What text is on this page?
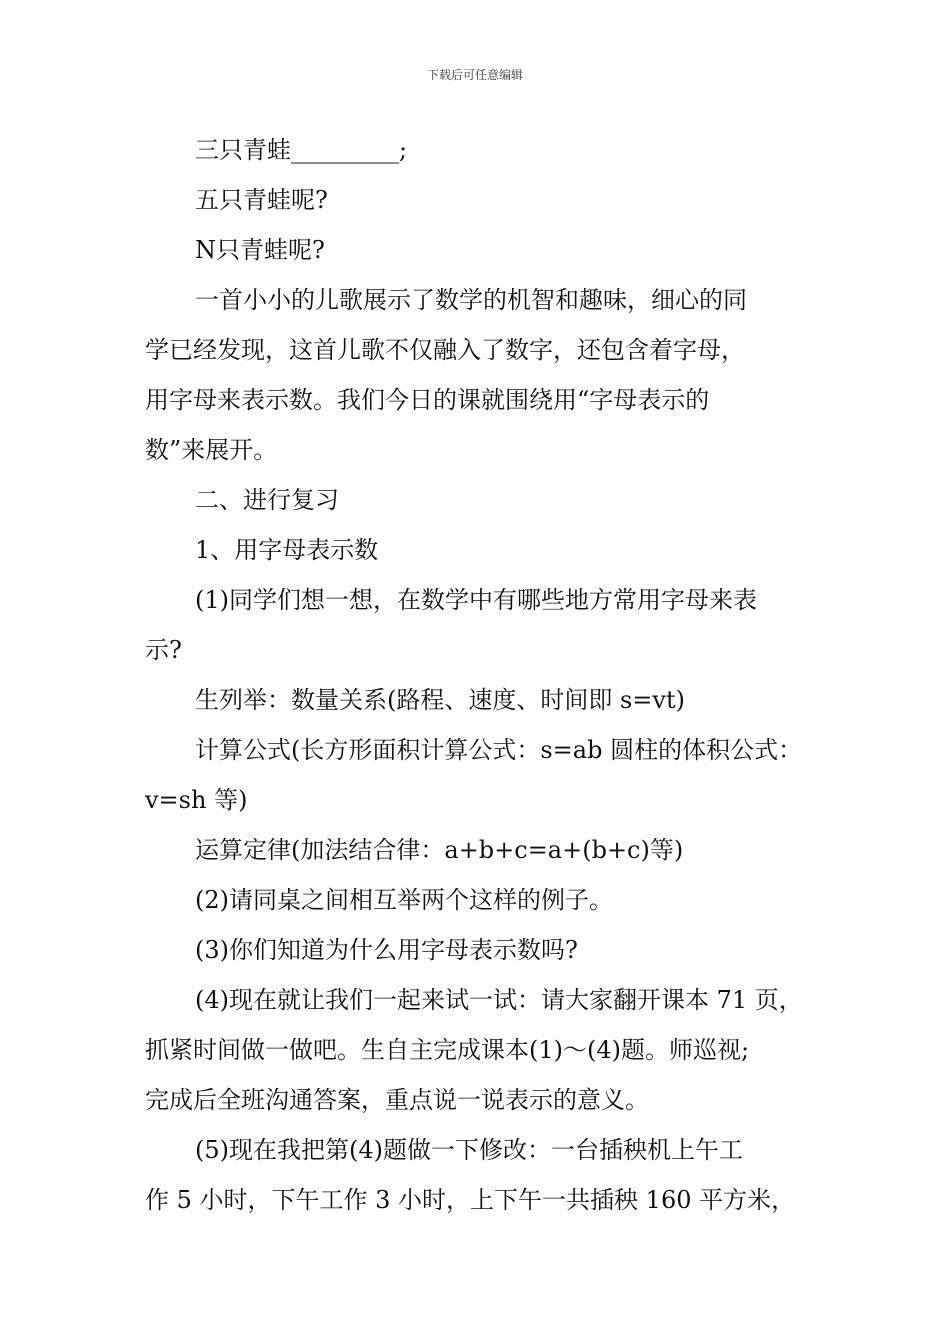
下载后可任意编辑
三只青蛙_________;
五只青蛙呢?
N只青蛙呢?
一首小小的儿歌展示了数学的机智和趣味，细心的同
学已经发现，这首儿歌不仅融入了数字，还包含着字母，
用字母来表示数。我们今日的课就围绕用“字母表示的
数”来展开。
二、进行复习
1、用字母表示数
(1)同学们想一想，在数学中有哪些地方常用字母来表
示?
生列举：数量关系(路程、速度、时间即 s=vt)
计算公式(长方形面积计算公式：s=ab 圆柱的体积公式：
v=sh 等)
运算定律(加法结合律：a+b+c=a+(b+c)等)
(2)请同桌之间相互举两个这样的例子。
(3)你们知道为什么用字母表示数吗?
(4)现在就让我们一起来试一试：请大家翻开课本 71 页，
抓紧时间做一做吧。生自主完成课本(1)～(4)题。师巡视;
完成后全班沟通答案，重点说一说表示的意义。
(5)现在我把第(4)题做一下修改：一台插秧机上午工
作 5 小时，下午工作 3 小时，上下午一共插秧 160 平方米，
